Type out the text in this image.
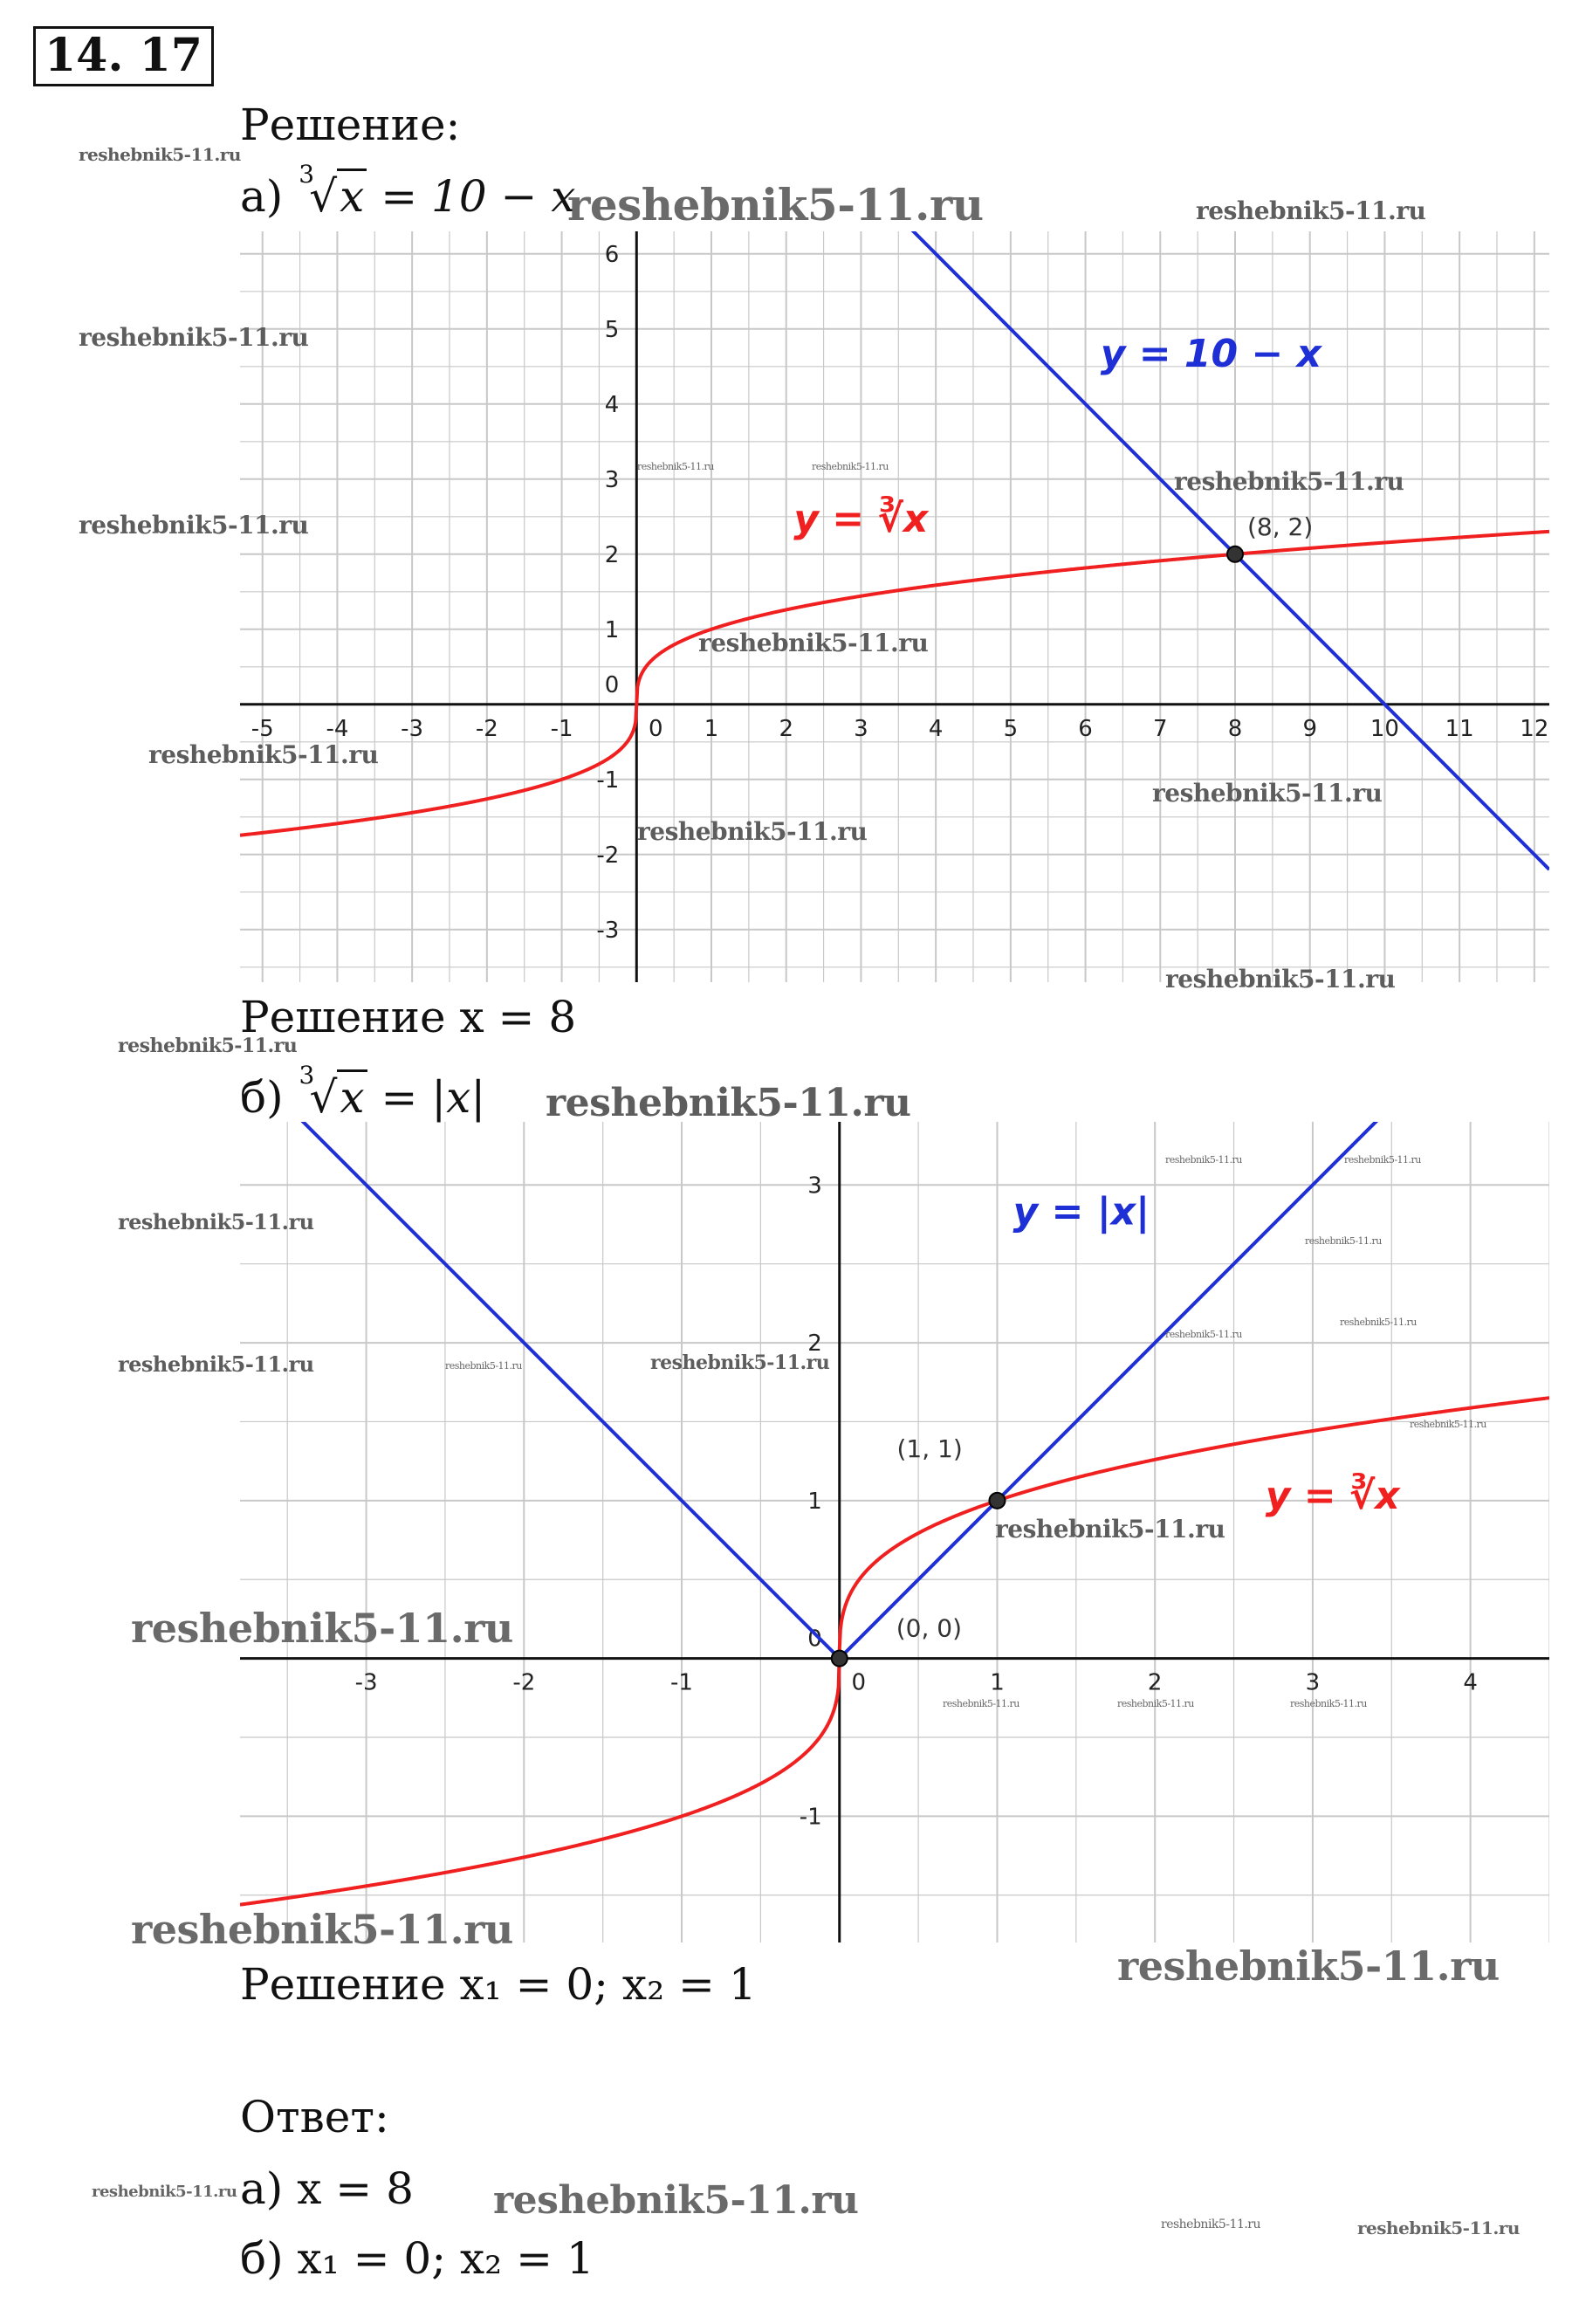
14. 17
Решение:
а) 3
√x = 10 − x
-5 -4 -3 -2 -1	0 1	2	3	4	5	6	7	8	9 10 11 12
-3
-2
-1
1
2
3
4
5
6
0
y = ∛x
y = 10 − x
(8, 2)
Решение x = 8
б) 3
√x = |x|
-3	-2	-1	0	1	2	3	4
-1
1
2
3
0
y = |x|
y = ∛x
(1, 1)
(0, 0)
Решение x₁ = 0; x₂ = 1
Ответ:
а) x = 8
б) x₁ = 0; x₂ = 1
reshebnik5-11.ru
reshebnik5-11.ru	reshebnik5-11.ru
reshebnik5-11.ru
reshebnik5-11.ru
reshebnik5-11.ru	reshebnik5-11.ru
reshebnik5-11.ru
reshebnik5-11.ru
reshebnik5-11.ru
reshebnik5-11.ru
reshebnik5-11.ru
reshebnik5-11.ru
reshebnik5-11.ru
reshebnik5-11.ru
reshebnik5-11.ru
reshebnik5-11.ru	reshebnik5-11.ru
reshebnik5-11.ru
reshebnik5-11.ru	reshebnik5-11.ru	reshebnik5-11.ru
reshebnik5-11.ru
reshebnik5-11.ru
reshebnik5-11.ru
reshebnik5-11.ru
reshebnik5-11.ru
reshebnik5-11.ru	reshebnik5-11.ru	reshebnik5-11.ru
reshebnik5-11.ru
reshebnik5-11.ru
reshebnik5-11.ru	reshebnik5-11.ru
reshebnik5-11.ru	reshebnik5-11.ru
